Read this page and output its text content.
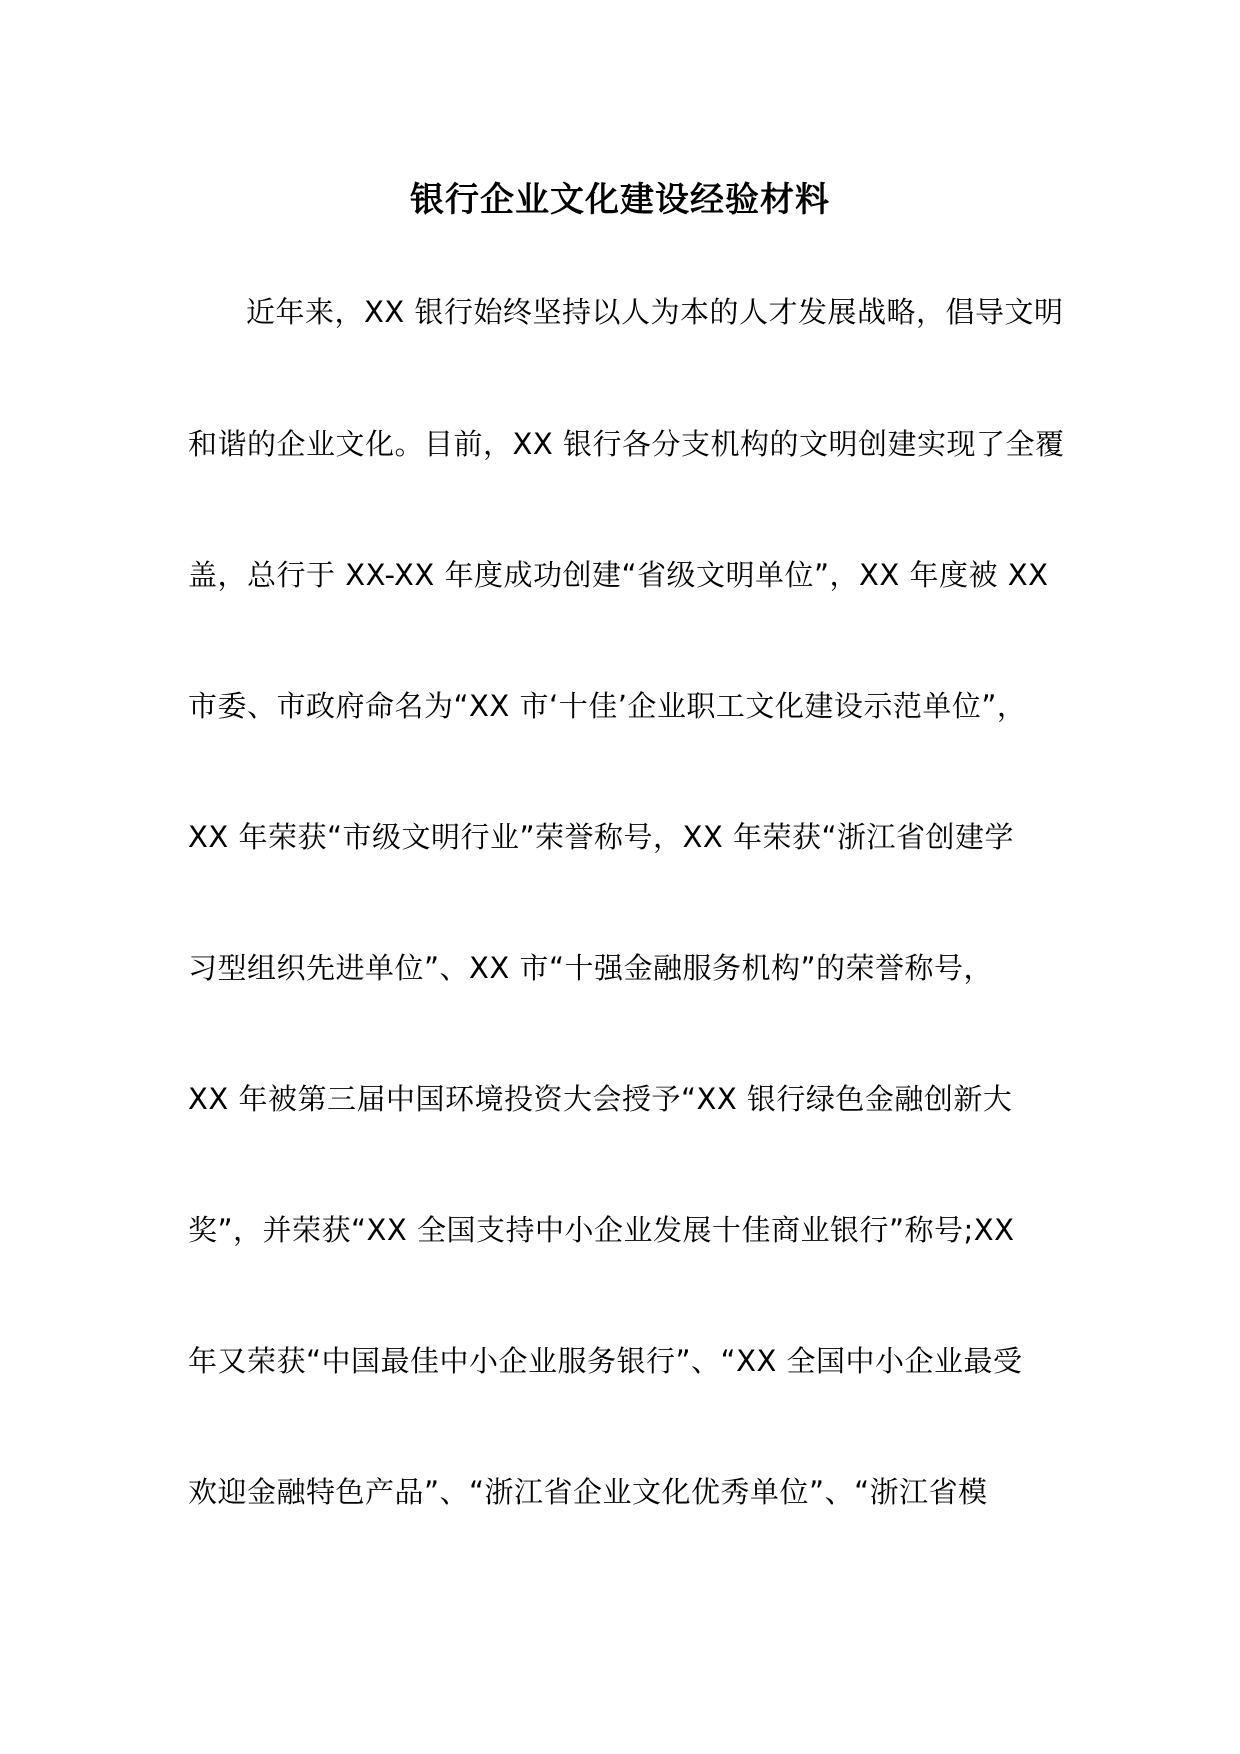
银行企业文化建设经验材料
近年来，XX 银行始终坚持以人为本的人才发展战略，倡导文明
和谐的企业文化。目前，XX 银行各分支机构的文明创建实现了全覆
盖，总行于 XX-XX 年度成功创建“省级文明单位”，XX 年度被 XX
市委、市政府命名为“XX 市‘十佳’企业职工文化建设示范单位”，
XX 年荣获“市级文明行业”荣誉称号，XX 年荣获“浙江省创建学
习型组织先进单位”、XX 市“十强金融服务机构”的荣誉称号，
XX 年被第三届中国环境投资大会授予“XX 银行绿色金融创新大
奖”，并荣获“XX 全国支持中小企业发展十佳商业银行”称号;XX
年又荣获“中国最佳中小企业服务银行”、“XX 全国中小企业最受
欢迎金融特色产品”、“浙江省企业文化优秀单位”、“浙江省模
